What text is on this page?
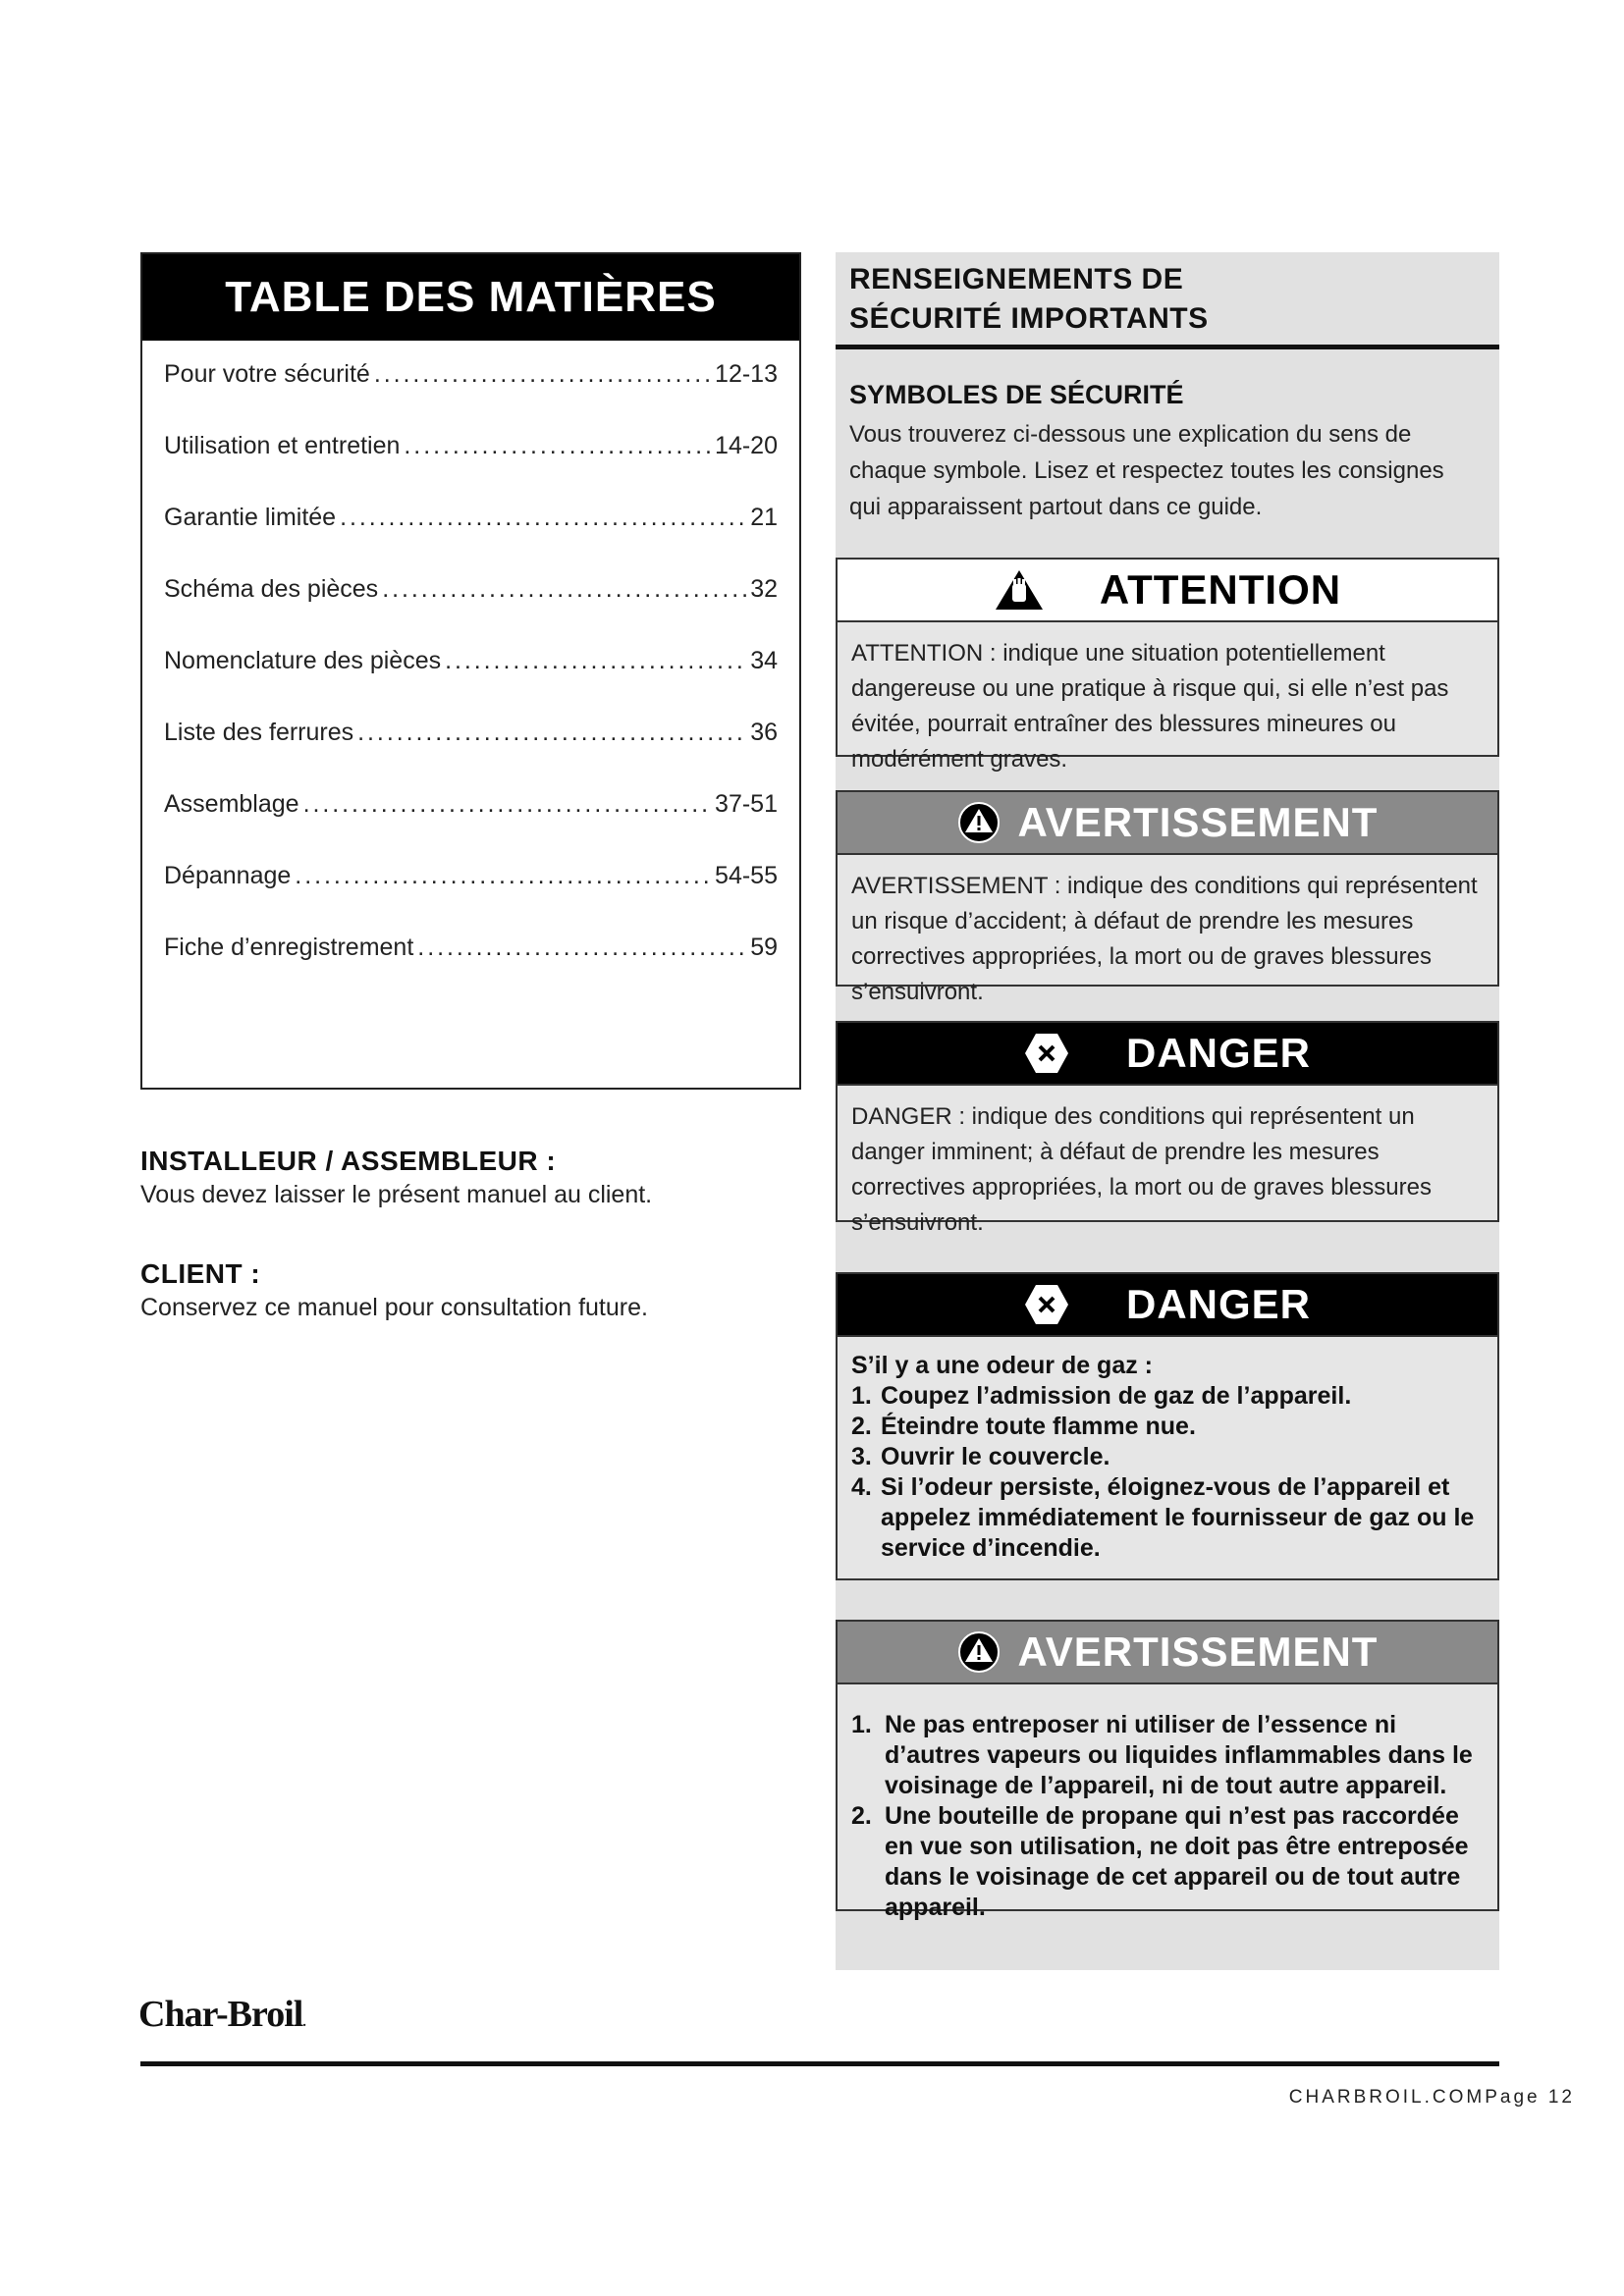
TABLE DES MATIÈRES
Pour votre sécurité . . .	12-13
Utilisation et entretien . . .	14-20
Garantie limitée . . .	21
Schéma des pièces . . .	32
Nomenclature des pièces . . .	34
Liste des ferrures . . .	36
Assemblage . . .	37-51
Dépannage . . .	54-55
Fiche d’enregistrement . . .	59
INSTALLEUR / ASSEMBLEUR :

Vous devez laisser le présent manuel au client.

CLIENT :

Conservez ce manuel pour consultation future.

RENSEIGNEMENTS DE
SÉCURITÉ IMPORTANTS
SYMBOLES DE SÉCURITÉ

Vous trouverez ci-dessous une explication du sens de chaque symbole. Lisez et respectez toutes les consignes qui apparaissent partout dans ce guide.

ATTENTION
ATTENTION : indique une situation potentiellement dangereuse ou une pratique à risque qui, si elle n’est pas évitée, pourrait entraîner des blessures mineures ou modérément graves.
AVERTISSEMENT
AVERTISSEMENT : indique des conditions qui représentent un risque d’accident; à défaut de prendre les mesures correctives appropriées, la mort ou de graves blessures s’ensuivront.
DANGER
DANGER : indique des conditions qui représentent un danger imminent; à défaut de prendre les mesures correctives appropriées, la mort ou de graves blessures s’ensuivront.
DANGER
S’il y a une odeur de gaz :
1. Coupez l’admission de gaz de l’appareil.
2. Éteindre toute flamme nue.
3. Ouvrir le couvercle.
4. Si l’odeur persiste, éloignez-vous de l’appareil et appelez immédiatement le fournisseur de gaz ou le service d’incendie.
AVERTISSEMENT
1. Ne pas entreposer ni utiliser de l’essence ni d’autres vapeurs ou liquides inflammables dans le voisinage de l’appareil, ni de tout autre appareil.
2. Une bouteille de propane qui n’est pas raccordée en vue son utilisation, ne doit pas être entreposée dans le voisinage de cet appareil ou de tout autre appareil.
Char-Broil.
CHARBROIL.COMPage 12
